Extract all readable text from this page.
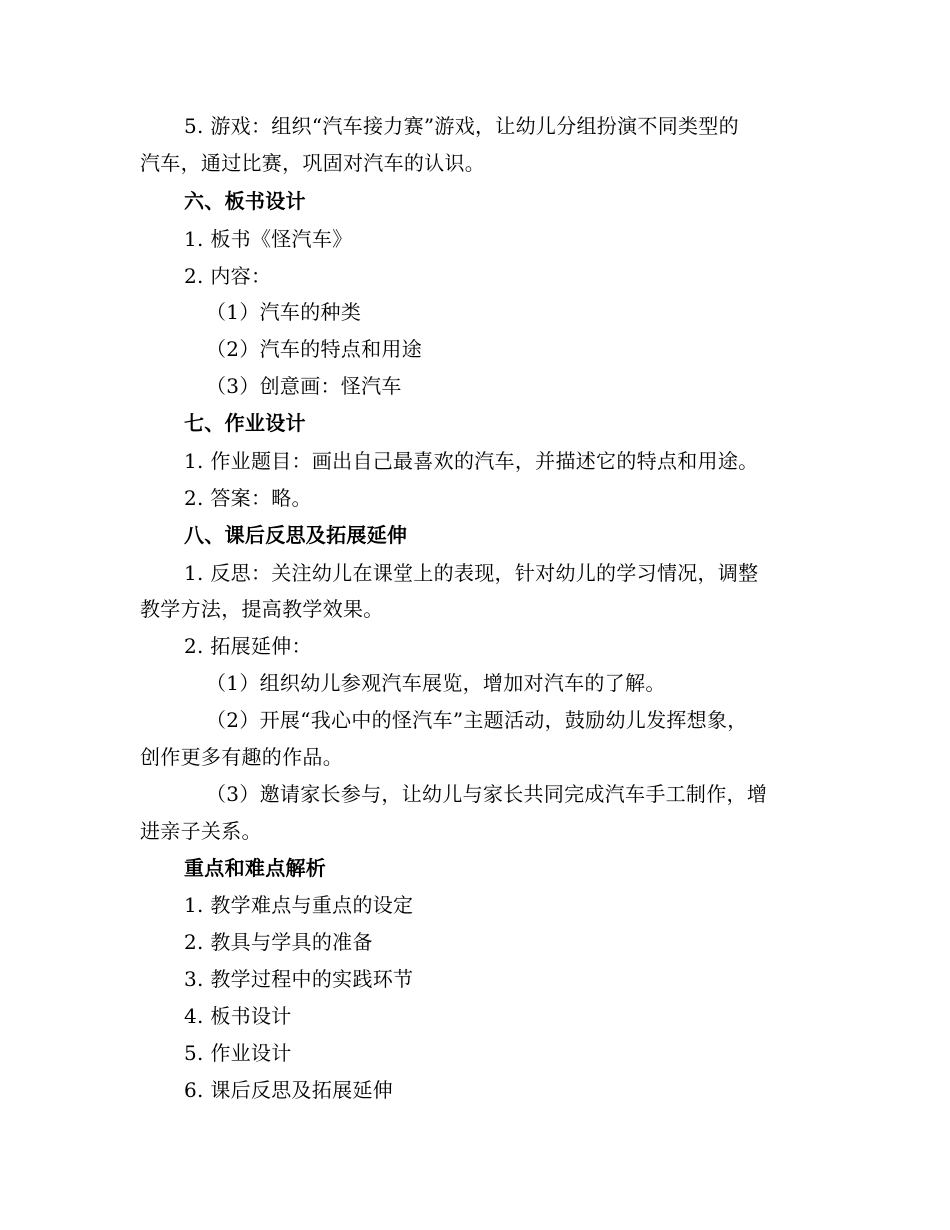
5. 游戏：组织“汽车接力赛”游戏，让幼儿分组扮演不同类型的
汽车，通过比赛，巩固对汽车的认识。
六、板书设计
1. 板书《怪汽车》
2. 内容：
（1）汽车的种类
（2）汽车的特点和用途
（3）创意画：怪汽车
七、作业设计
1. 作业题目：画出自己最喜欢的汽车，并描述它的特点和用途。
2. 答案：略。
八、课后反思及拓展延伸
1. 反思：关注幼儿在课堂上的表现，针对幼儿的学习情况，调整
教学方法，提高教学效果。
2. 拓展延伸：
（1）组织幼儿参观汽车展览，增加对汽车的了解。
（2）开展“我心中的怪汽车”主题活动，鼓励幼儿发挥想象，
创作更多有趣的作品。
（3）邀请家长参与，让幼儿与家长共同完成汽车手工制作，增
进亲子关系。
重点和难点解析
1. 教学难点与重点的设定
2. 教具与学具的准备
3. 教学过程中的实践环节
4. 板书设计
5. 作业设计
6. 课后反思及拓展延伸
